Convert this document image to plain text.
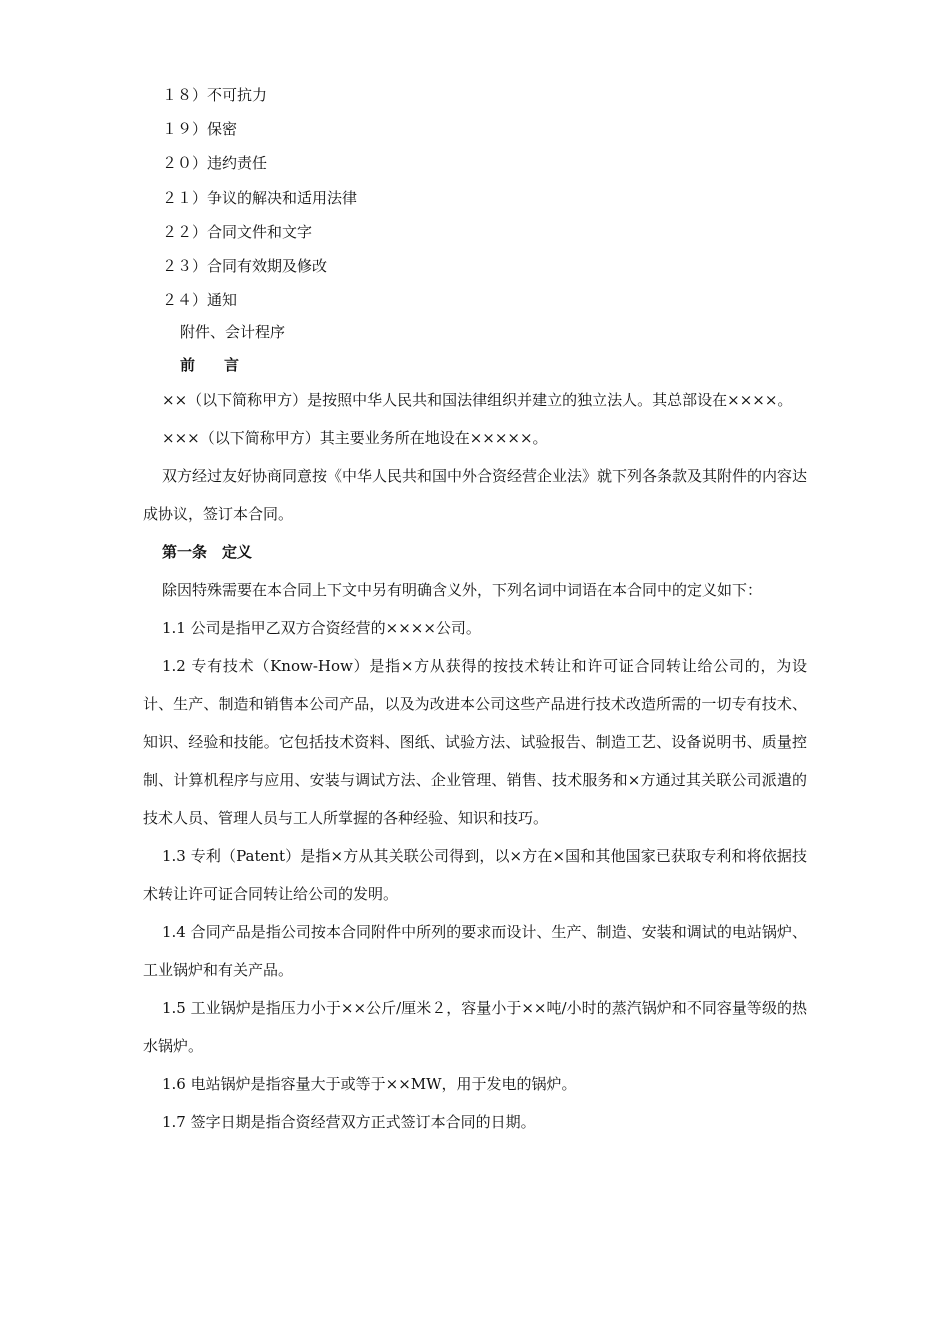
１８）不可抗力
１９）保密
２０）违约责任
２１）争议的解决和适用法律
２２）合同文件和文字
２３）合同有效期及修改
２４）通知
附件、会计程序
前 言

××（以下简称甲方）是按照中华人民共和国法律组织并建立的独立法人。其总部设在××××。

×××（以下简称甲方）其主要业务所在地设在×××××。

双方经过友好协商同意按《中华人民共和国中外合资经营企业法》就下列各条款及其附件的内容达成协议，签订本合同。

第一条　定义

除因特殊需要在本合同上下文中另有明确含义外，下列名词中词语在本合同中的定义如下：

1.1 公司是指甲乙双方合资经营的××××公司。

1.2 专有技术（Know-How）是指×方从获得的按技术转让和许可证合同转让给公司的，为设计、生产、制造和销售本公司产品，以及为改进本公司这些产品进行技术改造所需的一切专有技术、知识、经验和技能。它包括技术资料、图纸、试验方法、试验报告、制造工艺、设备说明书、质量控制、计算机程序与应用、安装与调试方法、企业管理、销售、技术服务和×方通过其关联公司派遣的技术人员、管理人员与工人所掌握的各种经验、知识和技巧。

1.3 专利（Patent）是指×方从其关联公司得到，以×方在×国和其他国家已获取专利和将依据技术转让许可证合同转让给公司的发明。

1.4 合同产品是指公司按本合同附件中所列的要求而设计、生产、制造、安装和调试的电站锅炉、工业锅炉和有关产品。

1.5 工业锅炉是指压力小于××公斤/厘米２，容量小于××吨/小时的蒸汽锅炉和不同容量等级的热水锅炉。

1.6 电站锅炉是指容量大于或等于××MW，用于发电的锅炉。

1.7 签字日期是指合资经营双方正式签订本合同的日期。
